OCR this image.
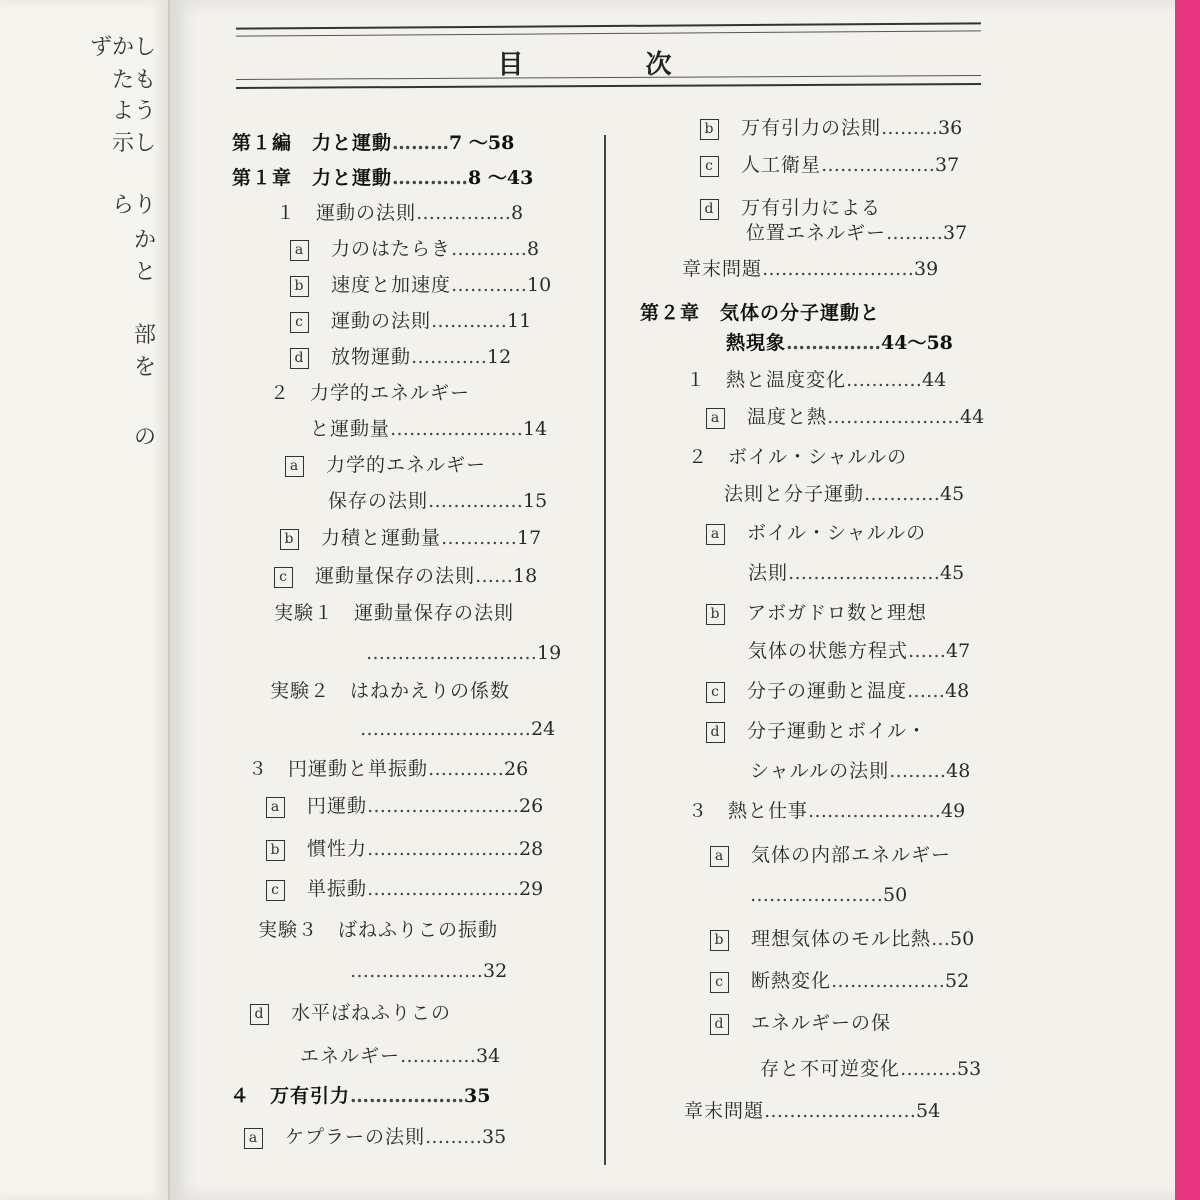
ずかし
たも
よう
示し
らり
か
と
部
を
の
目　次
第１編　力と運動………7 ～58
第１章　力と運動…………8 ～43
１　運動の法則……………8
a 力のはたらき…………8
b 速度と加速度…………10
c 運動の法則…………11
d 放物運動…………12
２　力学的エネルギー
と運動量…………………14
a 力学的エネルギー
保存の法則……………15
b 力積と運動量…………17
c 運動量保存の法則……18
実験１　運動量保存の法則
………………………19
実験２　はねかえりの係数
………………………24
３　円運動と単振動…………26
a 円運動……………………26
b 慣性力……………………28
c 単振動……………………29
実験３　ばねふりこの振動
…………………32
d 水平ばねふりこの
エネルギー…………34
４　万有引力………………35
a ケプラーの法則………35
b 万有引力の法則………36
c 人工衛星………………37
d 万有引力による
位置エネルギー………37
章末問題……………………39
第２章　気体の分子運動と
熱現象……………44～58
１　熱と温度変化…………44
a 温度と熱…………………44
２　ボイル・シャルルの
法則と分子運動…………45
a ボイル・シャルルの
法則……………………45
b アボガドロ数と理想
気体の状態方程式……47
c 分子の運動と温度……48
d 分子運動とボイル・
シャルルの法則………48
３　熱と仕事…………………49
a 気体の内部エネルギー
…………………50
b 理想気体のモル比熱…50
c 断熱変化………………52
d エネルギーの保
存と不可逆変化………53
章末問題……………………54
